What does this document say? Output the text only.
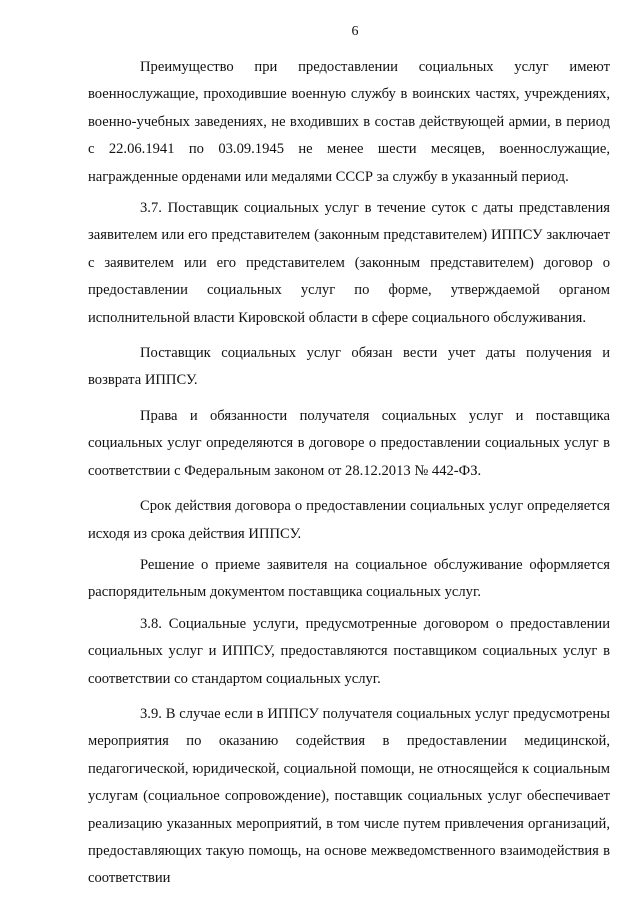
6

Преимущество при предоставлении социальных услуг имеют военнослужащие, проходившие военную службу в воинских частях, учреждениях, военно-учебных заведениях, не входивших в состав действующей армии, в период с 22.06.1941 по 03.09.1945 не менее шести месяцев, военнослужащие, награжденные орденами или медалями СССР за службу в указанный период.

3.7. Поставщик социальных услуг в течение суток с даты представления заявителем или его представителем (законным представителем) ИППСУ заключает с заявителем или его представителем (законным представителем) договор о предоставлении социальных услуг по форме, утверждаемой органом исполнительной власти Кировской области в сфере социального обслуживания.

Поставщик социальных услуг обязан вести учет даты получения и возврата ИППСУ.

Права и обязанности получателя социальных услуг и поставщика социальных услуг определяются в договоре о предоставлении социальных услуг в соответствии с Федеральным законом от 28.12.2013 № 442-ФЗ.

Срок действия договора о предоставлении социальных услуг определяется исходя из срока действия ИППСУ.

Решение о приеме заявителя на социальное обслуживание оформляется распорядительным документом поставщика социальных услуг.

3.8. Социальные услуги, предусмотренные договором о предоставлении социальных услуг и ИППСУ, предоставляются поставщиком социальных услуг в соответствии со стандартом социальных услуг.

3.9. В случае если в ИППСУ получателя социальных услуг предусмотрены мероприятия по оказанию содействия в предоставлении медицинской, педагогической, юридической, социальной помощи, не относящейся к социальным услугам (социальное сопровождение), поставщик социальных услуг обеспечивает реализацию указанных мероприятий, в том числе путем привлечения организаций, предоставляющих такую помощь, на основе межведомственного взаимодействия в соответствии
